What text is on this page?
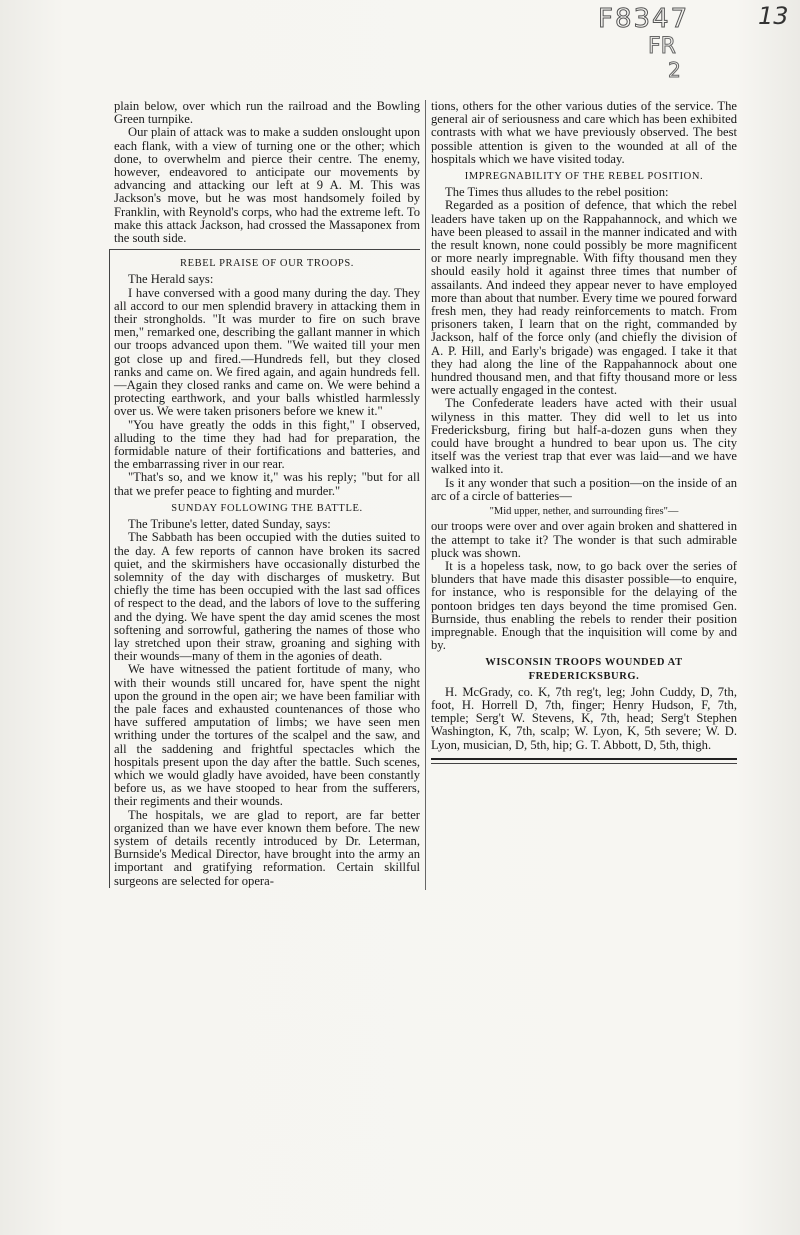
F8347	13
FR
2

plain below, over which run the railroad and the Bowling Green turnpike.

Our plain of attack was to make a sudden onslought upon each flank, with a view of turning one or the other; which done, to overwhelm and pierce their centre. The enemy, however, endeavored to anticipate our movements by advancing and attacking our left at 9 A. M. This was Jackson's move, but he was most handsomely foiled by Franklin, with Reynold's corps, who had the extreme left. To make this attack Jackson, had crossed the Massaponex from the south side.

REBEL PRAISE OF OUR TROOPS.

The Herald says:

I have conversed with a good many during the day. They all accord to our men splendid bravery in attacking them in their strongholds. "It was murder to fire on such brave men," remarked one, describing the gallant manner in which our troops advanced upon them. "We waited till your men got close up and fired.—Hundreds fell, but they closed ranks and came on. We fired again, and again hundreds fell.—Again they closed ranks and came on. We were behind a protecting earthwork, and your balls whistled harmlessly over us. We were taken prisoners before we knew it."

"You have greatly the odds in this fight," I observed, alluding to the time they had had for preparation, the formidable nature of their fortifications and batteries, and the embarrassing river in our rear.

"That's so, and we know it," was his reply; "but for all that we prefer peace to fighting and murder."

SUNDAY FOLLOWING THE BATTLE.

The Tribune's letter, dated Sunday, says:

The Sabbath has been occupied with the duties suited to the day. A few reports of cannon have broken its sacred quiet, and the skirmishers have occasionally disturbed the solemnity of the day with discharges of musketry. But chiefly the time has been occupied with the last sad offices of respect to the dead, and the labors of love to the suffering and the dying. We have spent the day amid scenes the most softening and sorrowful, gathering the names of those who lay stretched upon their straw, groaning and sighing with their wounds—many of them in the agonies of death.

We have witnessed the patient fortitude of many, who with their wounds still uncared for, have spent the night upon the ground in the open air; we have been familiar with the pale faces and exhausted countenances of those who have suffered amputation of limbs; we have seen men writhing under the tortures of the scalpel and the saw, and all the saddening and frightful spectacles which the hospitals present upon the day after the battle. Such scenes, which we would gladly have avoided, have been constantly before us, as we have stooped to hear from the sufferers, their regiments and their wounds.

The hospitals, we are glad to report, are far better organized than we have ever known them before. The new system of details recently introduced by Dr. Leterman, Burnside's Medical Director, have brought into the army an important and gratifying reformation. Certain skillful surgeons are selected for opera-

tions, others for the other various duties of the service. The general air of seriousness and care which has been exhibited contrasts with what we have previously observed. The best possible attention is given to the wounded at all of the hospitals which we have visited today.

IMPREGNABILITY OF THE REBEL POSITION.

The Times thus alludes to the rebel position:

Regarded as a position of defence, that which the rebel leaders have taken up on the Rappahannock, and which we have been pleased to assail in the manner indicated and with the result known, none could possibly be more magnificent or more nearly impregnable. With fifty thousand men they should easily hold it against three times that number of assailants. And indeed they appear never to have employed more than about that number. Every time we poured forward fresh men, they had ready reinforcements to match. From prisoners taken, I learn that on the right, commanded by Jackson, half of the force only (and chiefly the division of A. P. Hill, and Early's brigade) was engaged. I take it that they had along the line of the Rappahannock about one hundred thousand men, and that fifty thousand more or less were actually engaged in the contest.

The Confederate leaders have acted with their usual wilyness in this matter. They did well to let us into Fredericksburg, firing but half-a-dozen guns when they could have brought a hundred to bear upon us. The city itself was the veriest trap that ever was laid—and we have walked into it.

Is it any wonder that such a position—on the inside of an arc of a circle of batteries—

"Mid upper, nether, and surrounding fires"—

our troops were over and over again broken and shattered in the attempt to take it? The wonder is that such admirable pluck was shown.

It is a hopeless task, now, to go back over the series of blunders that have made this disaster possible—to enquire, for instance, who is responsible for the delaying of the pontoon bridges ten days beyond the time promised Gen. Burnside, thus enabling the rebels to render their position impregnable. Enough that the inquisition will come by and by.

WISCONSIN TROOPS WOUNDED AT FREDERICKSBURG.

H. McGrady, co. K, 7th reg't, leg; John Cuddy, D, 7th, foot, H. Horrell D, 7th, finger; Henry Hudson, F, 7th, temple; Serg't W. Stevens, K, 7th, head; Serg't Stephen Washington, K, 7th, scalp; W. Lyon, K, 5th severe; W. D. Lyon, musician, D, 5th, hip; G. T. Abbott, D, 5th, thigh.
